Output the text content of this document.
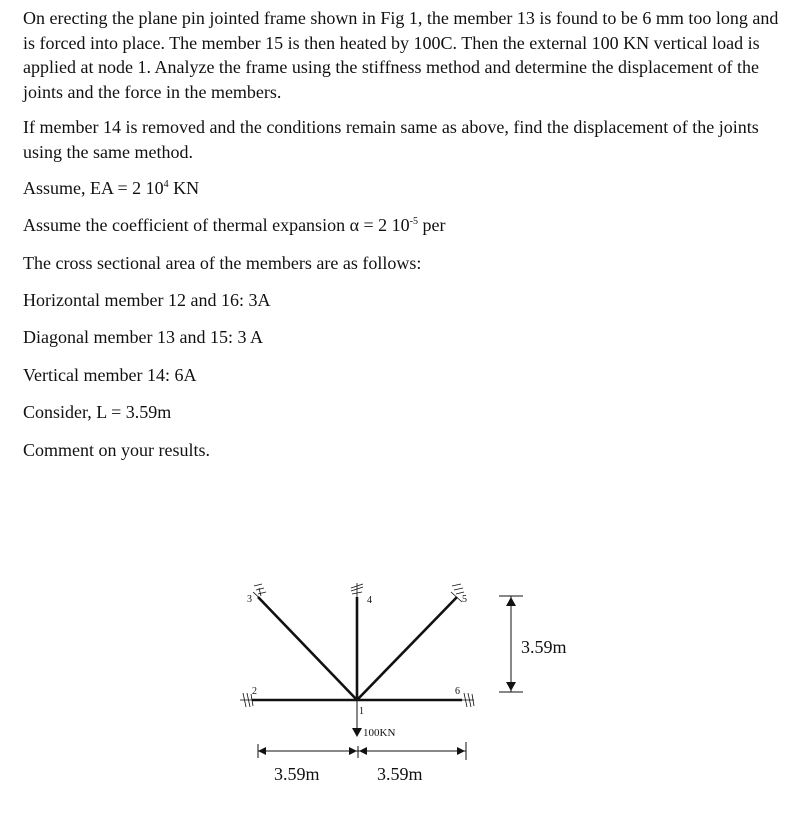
On erecting the plane pin jointed frame shown in Fig 1, the member 13 is found to be 6 mm too long and is forced into place. The member 15 is then heated by 100C. Then the external 100 KN vertical load is applied at node 1. Analyze the frame using the stiffness method and determine the displacement of the joints and the force in the members.

If member 14 is removed and the conditions remain same as above, find the displacement of the joints using the same method.

Assume, EA = 2 $10^4$ KN
Assume the coefficient of thermal expansion α = 2 $10^{-5}$ per
The cross sectional area of the members are as follows:
Horizontal member 12 and 16: 3A
Diagonal member 13 and 15: 3 A
Vertical member 14: 6A
Consider, L = 3.59m
Comment on your results.
1
2
3	4	5
6
100KN
3.59m
3.59m	3.59m
